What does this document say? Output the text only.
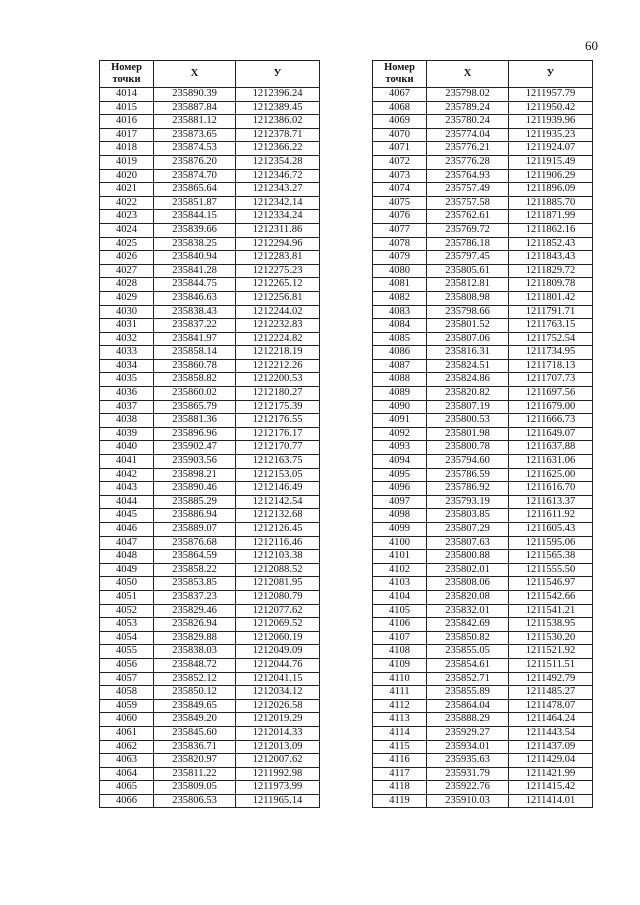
60
Номер точки	Х	У
4014	235890.39	1212396.24
4015	235887.84	1212389.45
4016	235881.12	1212386.02
4017	235873.65	1212378.71
4018	235874.53	1212366.22
4019	235876.20	1212354.28
4020	235874.70	1212346.72
4021	235865.64	1212343.27
4022	235851.87	1212342.14
4023	235844.15	1212334.24
4024	235839.66	1212311.86
4025	235838.25	1212294.96
4026	235840.94	1212283.81
4027	235841.28	1212275.23
4028	235844.75	1212265.12
4029	235846.63	1212256.81
4030	235838.43	1212244.02
4031	235837.22	1212232.83
4032	235841.97	1212224.82
4033	235858.14	1212218.19
4034	235860.78	1212212.26
4035	235858.82	1212200.53
4036	235860.02	1212180.27
4037	235865.79	1212175.39
4038	235881.36	1212176.55
4039	235896.96	1212176.17
4040	235902.47	1212170.77
4041	235903.56	1212163.75
4042	235898.21	1212153.05
4043	235890.46	1212146.49
4044	235885.29	1212142.54
4045	235886.94	1212132.68
4046	235889.07	1212126.45
4047	235876.68	1212116.46
4048	235864.59	1212103.38
4049	235858.22	1212088.52
4050	235853.85	1212081.95
4051	235837.23	1212080.79
4052	235829.46	1212077.62
4053	235826.94	1212069.52
4054	235829.88	1212060.19
4055	235838.03	1212049.09
4056	235848.72	1212044.76
4057	235852.12	1212041.15
4058	235850.12	1212034.12
4059	235849.65	1212026.58
4060	235849.20	1212019.29
4061	235845.60	1212014.33
4062	235836.71	1212013.09
4063	235820.97	1212007.62
4064	235811.22	1211992.98
4065	235809.05	1211973.99
4066	235806.53	1211965.14
Номер точки	Х	У
4067	235798.02	1211957.79
4068	235789.24	1211950.42
4069	235780.24	1211939.96
4070	235774.04	1211935.23
4071	235776.21	1211924.07
4072	235776.28	1211915.49
4073	235764.93	1211906.29
4074	235757.49	1211896.09
4075	235757.58	1211885.70
4076	235762.61	1211871.99
4077	235769.72	1211862.16
4078	235786.18	1211852.43
4079	235797.45	1211843.43
4080	235805.61	1211829.72
4081	235812.81	1211809.78
4082	235808.98	1211801.42
4083	235798.66	1211791.71
4084	235801.52	1211763.15
4085	235807.06	1211752.54
4086	235816.31	1211734.95
4087	235824.51	1211718.13
4088	235824.86	1211707.73
4089	235820.82	1211697.56
4090	235807.19	1211679.00
4091	235800.53	1211666.73
4092	235801.98	1211649.07
4093	235800.78	1211637.88
4094	235794.60	1211631.06
4095	235786.59	1211625.00
4096	235786.92	1211616.70
4097	235793.19	1211613.37
4098	235803.85	1211611.92
4099	235807.29	1211605.43
4100	235807.63	1211595.06
4101	235800.88	1211565.38
4102	235802.01	1211555.50
4103	235808.06	1211546.97
4104	235820.08	1211542.66
4105	235832.01	1211541.21
4106	235842.69	1211538.95
4107	235850.82	1211530.20
4108	235855.05	1211521.92
4109	235854.61	1211511.51
4110	235852.71	1211492.79
4111	235855.89	1211485.27
4112	235864.04	1211478.07
4113	235888.29	1211464.24
4114	235929.27	1211443.54
4115	235934.01	1211437.09
4116	235935.63	1211429.04
4117	235931.79	1211421.99
4118	235922.76	1211415.42
4119	235910.03	1211414.01
